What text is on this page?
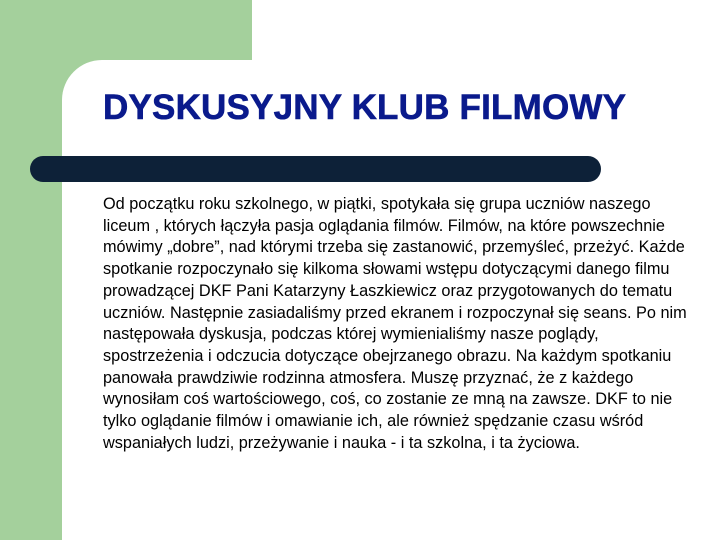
DYSKUSYJNY KLUB FILMOWY

Od początku roku szkolnego, w piątki, spotykała się grupa uczniów naszego liceum , których łączyła pasja oglądania filmów. Filmów, na które powszechnie mówimy „dobre”, nad którymi trzeba się zastanowić, przemyśleć, przeżyć. Każde spotkanie rozpoczynało się kilkoma słowami wstępu dotyczącymi danego filmu prowadzącej DKF Pani Katarzyny Łaszkiewicz oraz przygotowanych do tematu uczniów. Następnie zasiadaliśmy przed ekranem i rozpoczynał się seans. Po nim następowała dyskusja, podczas której wymienialiśmy nasze poglądy, spostrzeżenia i odczucia dotyczące obejrzanego obrazu. Na każdym spotkaniu panowała prawdziwie rodzinna atmosfera. Muszę przyznać, że z każdego wynosiłam coś wartościowego, coś, co zostanie ze mną na zawsze. DKF to nie tylko oglądanie filmów i omawianie ich, ale również spędzanie czasu wśród wspaniałych ludzi, przeżywanie i nauka - i ta szkolna, i ta życiowa.
